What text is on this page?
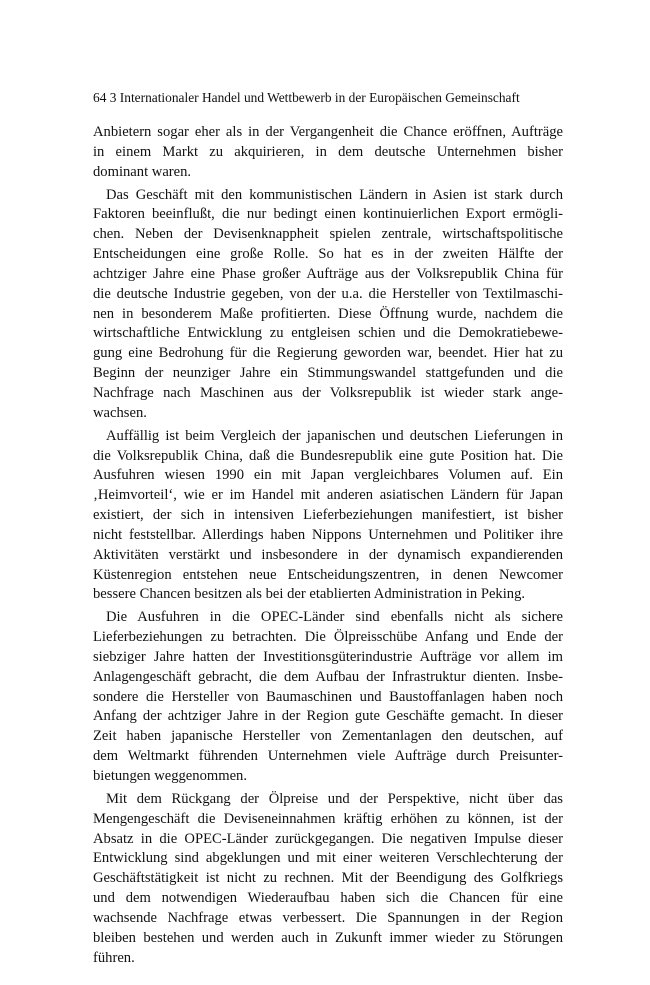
64 3 Internationaler Handel und Wettbewerb in der Europäischen Gemeinschaft
Anbietern sogar eher als in der Vergangenheit die Chance eröffnen, Aufträge
in einem Markt zu akquirieren, in dem deutsche Unternehmen bisher
dominant waren.
Das Geschäft mit den kommunistischen Ländern in Asien ist stark durch
Faktoren beeinflußt, die nur bedingt einen kontinuierlichen Export ermögli-
chen. Neben der Devisenknappheit spielen zentrale, wirtschaftspolitische
Entscheidungen eine große Rolle. So hat es in der zweiten Hälfte der
achtziger Jahre eine Phase großer Aufträge aus der Volksrepublik China für
die deutsche Industrie gegeben, von der u.a. die Hersteller von Textilmaschi-
nen in besonderem Maße profitierten. Diese Öffnung wurde, nachdem die
wirtschaftliche Entwicklung zu entgleisen schien und die Demokratiebewe-
gung eine Bedrohung für die Regierung geworden war, beendet. Hier hat zu
Beginn der neunziger Jahre ein Stimmungswandel stattgefunden und die
Nachfrage nach Maschinen aus der Volksrepublik ist wieder stark ange-
wachsen.
Auffällig ist beim Vergleich der japanischen und deutschen Lieferungen in
die Volksrepublik China, daß die Bundesrepublik eine gute Position hat. Die
Ausfuhren wiesen 1990 ein mit Japan vergleichbares Volumen auf. Ein
‚Heimvorteil‘, wie er im Handel mit anderen asiatischen Ländern für Japan
existiert, der sich in intensiven Lieferbeziehungen manifestiert, ist bisher
nicht feststellbar. Allerdings haben Nippons Unternehmen und Politiker ihre
Aktivitäten verstärkt und insbesondere in der dynamisch expandierenden
Küstenregion entstehen neue Entscheidungszentren, in denen Newcomer
bessere Chancen besitzen als bei der etablierten Administration in Peking.
Die Ausfuhren in die OPEC-Länder sind ebenfalls nicht als sichere
Lieferbeziehungen zu betrachten. Die Ölpreisschübe Anfang und Ende der
siebziger Jahre hatten der Investitionsgüterindustrie Aufträge vor allem im
Anlagengeschäft gebracht, die dem Aufbau der Infrastruktur dienten. Insbe-
sondere die Hersteller von Baumaschinen und Baustoffanlagen haben noch
Anfang der achtziger Jahre in der Region gute Geschäfte gemacht. In dieser
Zeit haben japanische Hersteller von Zementanlagen den deutschen, auf
dem Weltmarkt führenden Unternehmen viele Aufträge durch Preisunter-
bietungen weggenommen.
Mit dem Rückgang der Ölpreise und der Perspektive, nicht über das
Mengengeschäft die Deviseneinnahmen kräftig erhöhen zu können, ist der
Absatz in die OPEC-Länder zurückgegangen. Die negativen Impulse dieser
Entwicklung sind abgeklungen und mit einer weiteren Verschlechterung der
Geschäftstätigkeit ist nicht zu rechnen. Mit der Beendigung des Golfkriegs
und dem notwendigen Wiederaufbau haben sich die Chancen für eine
wachsende Nachfrage etwas verbessert. Die Spannungen in der Region
bleiben bestehen und werden auch in Zukunft immer wieder zu Störungen
führen.
